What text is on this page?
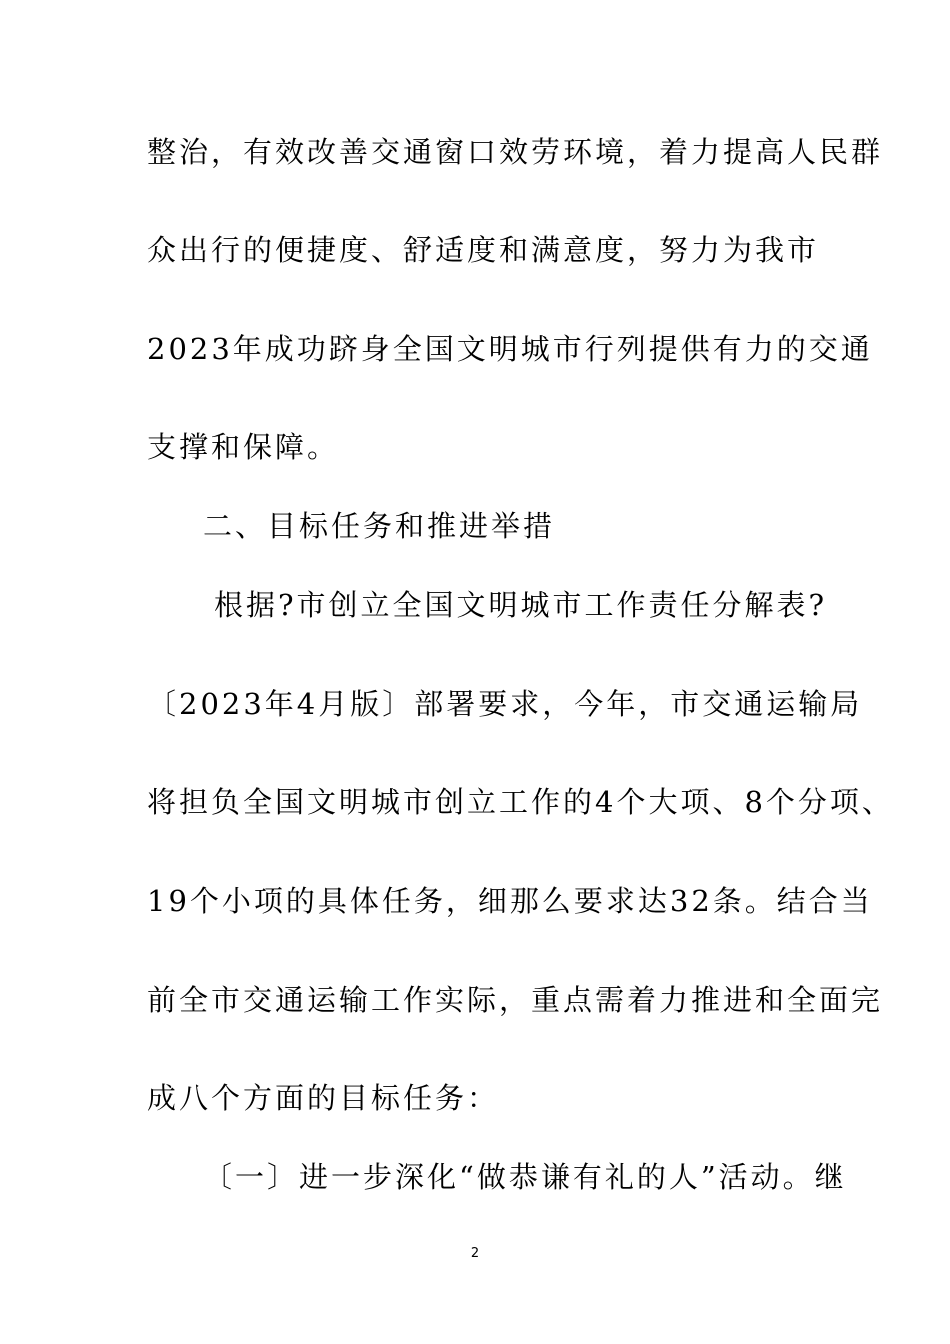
整治，有效改善交通窗口效劳环境，着力提高人民群
众出行的便捷度、舒适度和满意度，努力为我市
2023年成功跻身全国文明城市行列提供有力的交通
支撑和保障。
二、目标任务和推进举措
根据?市创立全国文明城市工作责任分解表?
〔2023年4月版〕部署要求，今年，市交通运输局
将担负全国文明城市创立工作的4个大项、8个分项、
19个小项的具体任务，细那么要求达32条。结合当
前全市交通运输工作实际，重点需着力推进和全面完
成八个方面的目标任务：
〔一〕进一步深化“做恭谦有礼的人”活动。继
2
